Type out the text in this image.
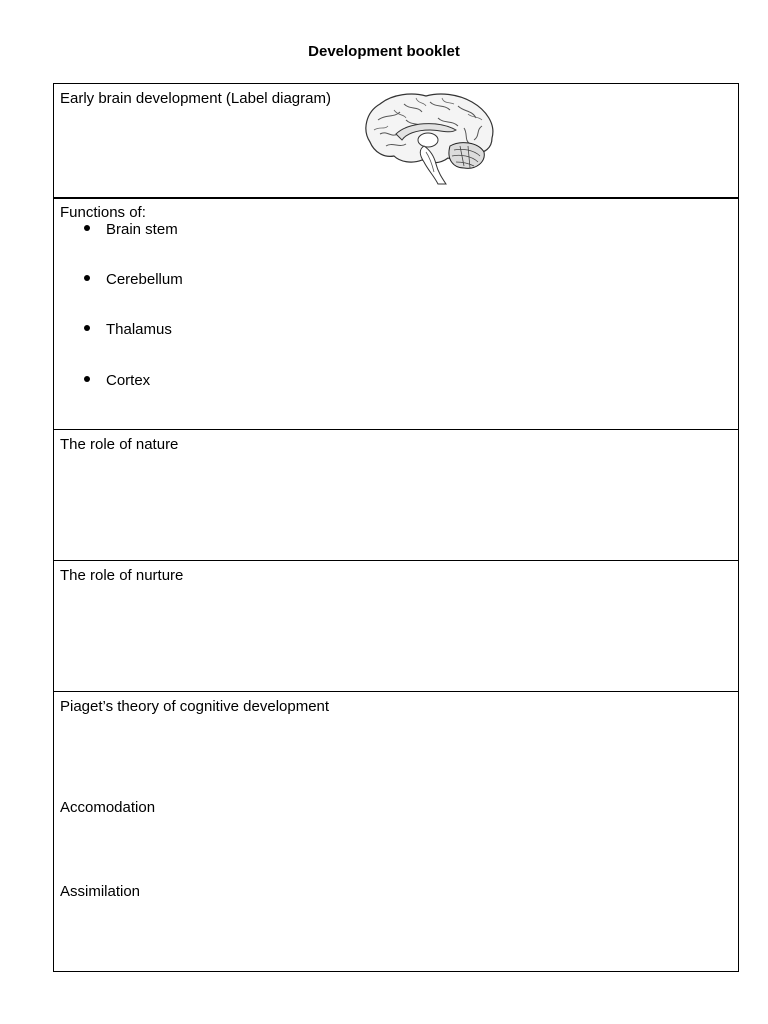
Development booklet
Early brain development (Label diagram)
Functions of:
Brain stem
Cerebellum
Thalamus
Cortex
The role of nature
The role of nurture
Piaget’s theory of cognitive development
Accomodation
Assimilation
